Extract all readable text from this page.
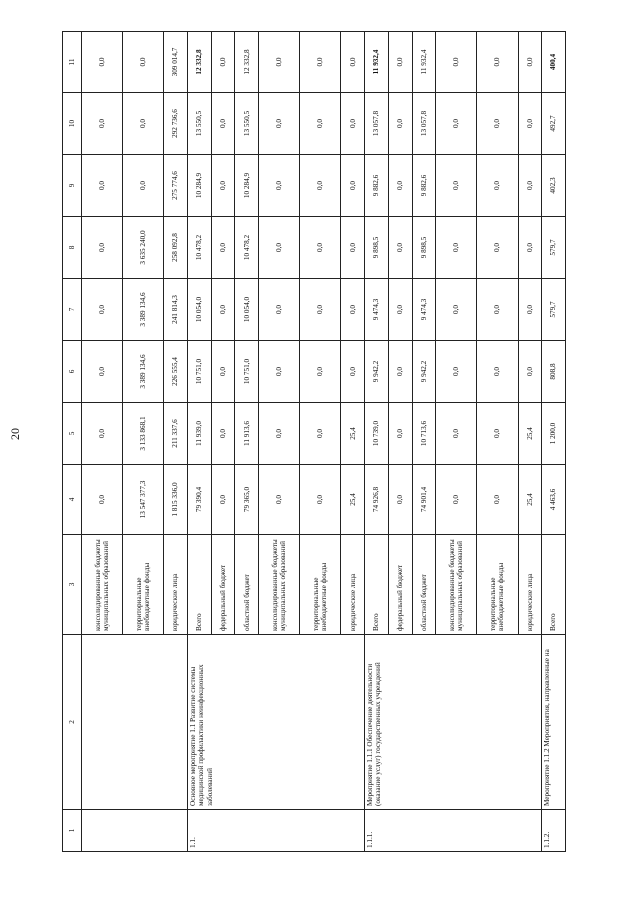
20
1	2	3	4	5	6	7	8	9	10	11
		консолидированные бюджеты муниципальных образований	0,0	0,0	0,0	0,0	0,0	0,0	0,0	0,0
		территориальные внебюджетные фонды	13 547 377,3	3 133 868,1	3 389 134,6	3 389 134,6	3 635 240,0	0,0	0,0	0,0
		юридические лица	1 815 336,0	211 337,6	226 555,4	241 814,3	258 092,8	275 774,6	292 736,6	309 014,7
1.1.	Основное мероприятие 1.1 Развитие системы медицинской профилактики неинфекционных заболеваний	Всего	79 390,4	11 939,0	10 751,0	10 054,0	10 478,2	10 284,9	13 550,5	12 332,8
		федеральный бюджет	0,0	0,0	0,0	0,0	0,0	0,0	0,0	0,0
		областной бюджет	79 365,0	11 913,6	10 751,0	10 054,0	10 478,2	10 284,9	13 550,5	12 332,8
		консолидированные бюджеты муниципальных образований	0,0	0,0	0,0	0,0	0,0	0,0	0,0	0,0
		территориальные внебюджетные фонды	0,0	0,0	0,0	0,0	0,0	0,0	0,0	0,0
		юридические лица	25,4	25,4	0,0	0,0	0,0	0,0	0,0	0,0
1.1.1.	Мероприятие 1.1.1 Обеспечение деятельности (оказание услуг) государственных учреждений	Всего	74 926,8	10 739,0	9 942,2	9 474,3	9 898,5	9 882,6	13 057,8	11 932,4
		федеральный бюджет	0,0	0,0	0,0	0,0	0,0	0,0	0,0	0,0
		областной бюджет	74 901,4	10 713,6	9 942,2	9 474,3	9 898,5	9 882,6	13 057,8	11 932,4
		консолидированные бюджеты муниципальных образований	0,0	0,0	0,0	0,0	0,0	0,0	0,0	0,0
		территориальные внебюджетные фонды	0,0	0,0	0,0	0,0	0,0	0,0	0,0	0,0
		юридические лица	25,4	25,4	0,0	0,0	0,0	0,0	0,0	0,0
1.1.2.	Мероприятие 1.1.2 Мероприятия, направленные на	Всего	4 463,6	1 200,0	808,8	579,7	579,7	402,3	492,7	400,4
